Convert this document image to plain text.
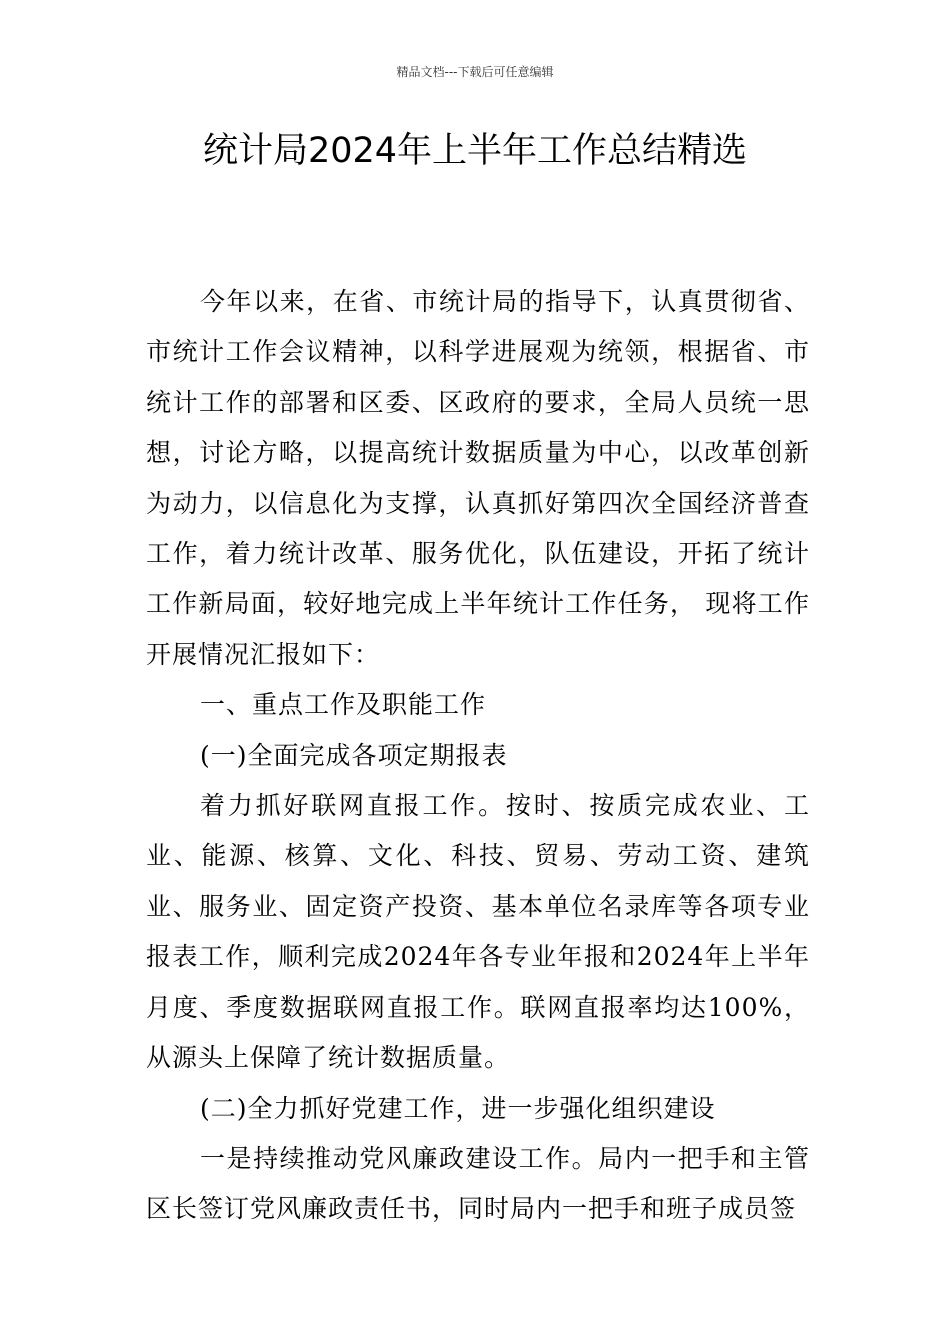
精品文档---下载后可任意编辑
统计局2024年上半年工作总结精选

今年以来，在省、市统计局的指导下，认真贯彻省、市统计工作会议精神，以科学进展观为统领，根据省、市统计工作的部署和区委、区政府的要求，全局人员统一思想，讨论方略，以提高统计数据质量为中心，以改革创新为动力，以信息化为支撑，认真抓好第四次全国经济普查工作，着力统计改革、服务优化，队伍建设，开拓了统计工作新局面，较好地完成上半年统计工作任务， 现将工作开展情况汇报如下：

一、重点工作及职能工作

(一)全面完成各项定期报表

着力抓好联网直报工作。按时、按质完成农业、工业、能源、核算、文化、科技、贸易、劳动工资、建筑业、服务业、固定资产投资、基本单位名录库等各项专业报表工作，顺利完成2024年各专业年报和2024年上半年月度、季度数据联网直报工作。联网直报率均达100%，从源头上保障了统计数据质量。

(二)全力抓好党建工作，进一步强化组织建设

一是持续推动党风廉政建设工作。局内一把手和主管区长签订党风廉政责任书，同时局内一把手和班子成员签
